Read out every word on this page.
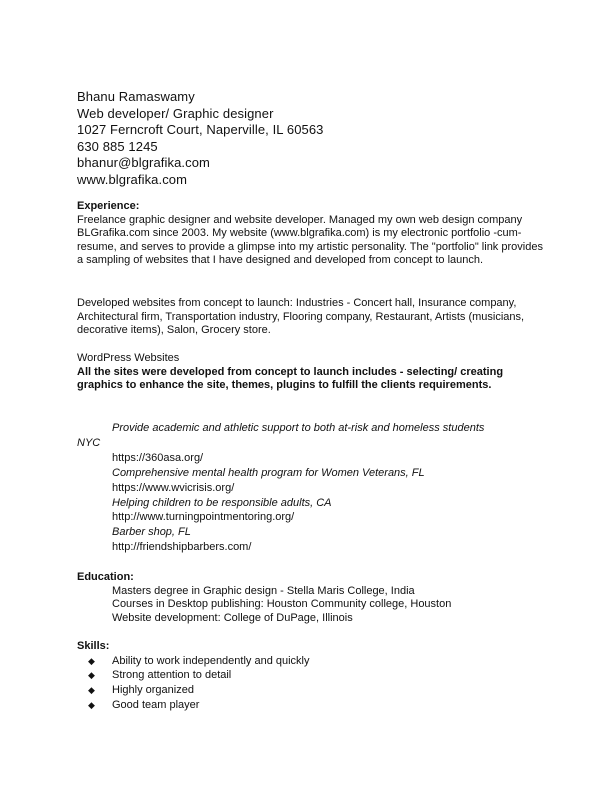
Bhanu Ramaswamy
Web developer/ Graphic designer
1027 Ferncroft Court, Naperville, IL 60563
630 885 1245
bhanur@blgrafika.com
www.blgrafika.com
Experience:
Freelance graphic designer and website developer. Managed my own web design company BLGrafika.com since 2003. My website (www.blgrafika.com) is my electronic portfolio -cum- resume, and serves to provide a glimpse into my artistic personality. The "portfolio" link provides a sampling of websites that I have designed and developed from concept to launch.
Developed websites from concept to launch: Industries - Concert hall, Insurance company, Architectural firm, Transportation industry, Flooring company, Restaurant, Artists (musicians, decorative items), Salon, Grocery store.
WordPress Websites
All the sites were developed from concept to launch includes - selecting/ creating graphics to enhance the site, themes, plugins to fulfill the clients requirements.
Provide academic and athletic support to both at-risk and homeless students
NYC
https://360asa.org/
Comprehensive mental health program for Women Veterans, FL
https://www.wvicrisis.org/
Helping children to be responsible adults, CA
http://www.turningpointmentoring.org/
Barber shop, FL
http://friendshipbarbers.com/
Education:
Masters degree in Graphic design - Stella Maris College, India
Courses in Desktop publishing: Houston Community college, Houston
Website development: College of DuPage, Illinois
Skills:
◆ Ability to work independently and quickly
◆ Strong attention to detail
◆ Highly organized
◆ Good team player
